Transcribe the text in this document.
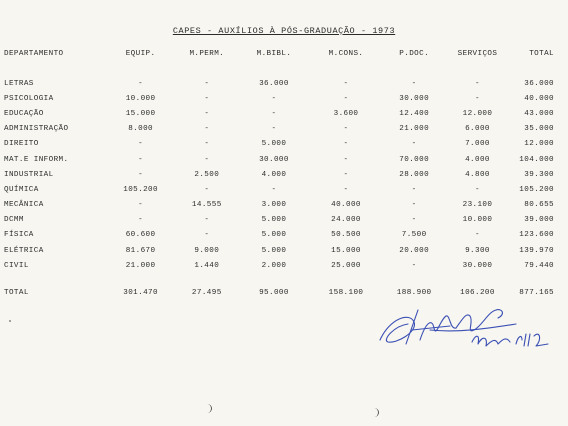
CAPES - AUXÍLIOS À PÓS-GRADUAÇÃO - 1973
DEPARTAMENTO	EQUIP.	M.PERM.	M.BIBL.	M.CONS.	P.DOC.	SERVIÇOS	TOTAL

LETRAS	-	-	36.000	-	-	-	36.000
PSICOLOGIA	10.000	-	-	-	30.000	-	40.000
EDUCAÇÃO	15.000	-	-	3.600	12.400	12.000	43.000
ADMINISTRAÇÃO	8.000	-	-	-	21.000	6.000	35.000
DIREITO	-	-	5.000	-	-	7.000	12.000
MAT.E INFORM.	-	-	30.000	-	70.000	4.000	104.000
INDUSTRIAL	-	2.500	4.000	-	28.000	4.800	39.300
QUÍMICA	105.200	-	-	-	-	-	105.200
MECÂNICA	-	14.555	3.000	40.000	-	23.100	80.655
DCMM	-	-	5.000	24.000	-	10.000	39.000
FÍSICA	60.600	-	5.000	50.500	7.500	-	123.600
ELÉTRICA	81.670	9.000	5.000	15.000	20.000	9.300	139.970
CIVIL	21.000	1.440	2.000	25.000	-	30.000	79.440

TOTAL	301.470	27.495	95.000	158.100	188.900	106.200	877.165
